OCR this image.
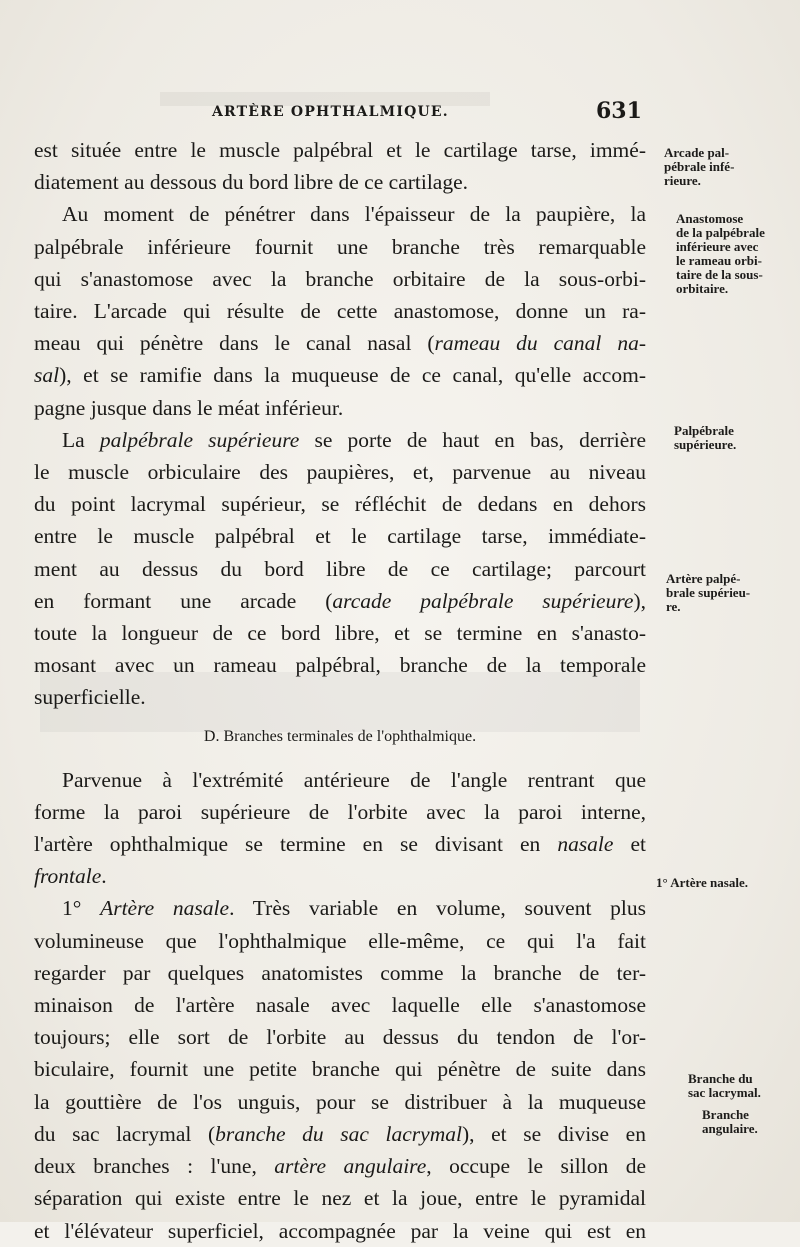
ARTÈRE OPHTHALMIQUE.	631

est située entre le muscle palpébral et le cartilage tarse, immé-
diatement au dessous du bord libre de ce cartilage.

Au moment de pénétrer dans l'épaisseur de la paupière, la
palpébrale inférieure fournit une branche très remarquable
qui s'anastomose avec la branche orbitaire de la sous-orbi-
taire. L'arcade qui résulte de cette anastomose, donne un ra-
meau qui pénètre dans le canal nasal (rameau du canal na-
sal), et se ramifie dans la muqueuse de ce canal, qu'elle accom-
pagne jusque dans le méat inférieur.

La palpébrale supérieure se porte de haut en bas, derrière
le muscle orbiculaire des paupières, et, parvenue au niveau
du point lacrymal supérieur, se réfléchit de dedans en dehors
entre le muscle palpébral et le cartilage tarse, immédiate-
ment au dessus du bord libre de ce cartilage; parcourt
en formant une arcade (arcade palpébrale supérieure),
toute la longueur de ce bord libre, et se termine en s'anasto-
mosant avec un rameau palpébral, branche de la temporale
superficielle.

D. Branches terminales de l'ophthalmique.

Parvenue à l'extrémité antérieure de l'angle rentrant que
forme la paroi supérieure de l'orbite avec la paroi interne,
l'artère ophthalmique se termine en se divisant en nasale et
frontale.

1° Artère nasale. Très variable en volume, souvent plus
volumineuse que l'ophthalmique elle-même, ce qui l'a fait
regarder par quelques anatomistes comme la branche de ter-
minaison de l'artère nasale avec laquelle elle s'anastomose
toujours; elle sort de l'orbite au dessus du tendon de l'or-
biculaire, fournit une petite branche qui pénètre de suite dans
la gouttière de l'os unguis, pour se distribuer à la muqueuse
du sac lacrymal (branche du sac lacrymal), et se divise en
deux branches : l'une, artère angulaire, occupe le sillon de
séparation qui existe entre le nez et la joue, entre le pyramidal
et l'élévateur superficiel, accompagnée par la veine qui est en

Arcade pal-
pébrale infé-
rieure.
Anastomose
de la palpébrale
inférieure avec
le rameau orbi-
taire de la sous-
orbitaire.
Palpébrale
supérieure.
Artère palpé-
brale supérieu-
re.
1° Artère nasale.
Branche du
sac lacrymal.
Branche
angulaire.
